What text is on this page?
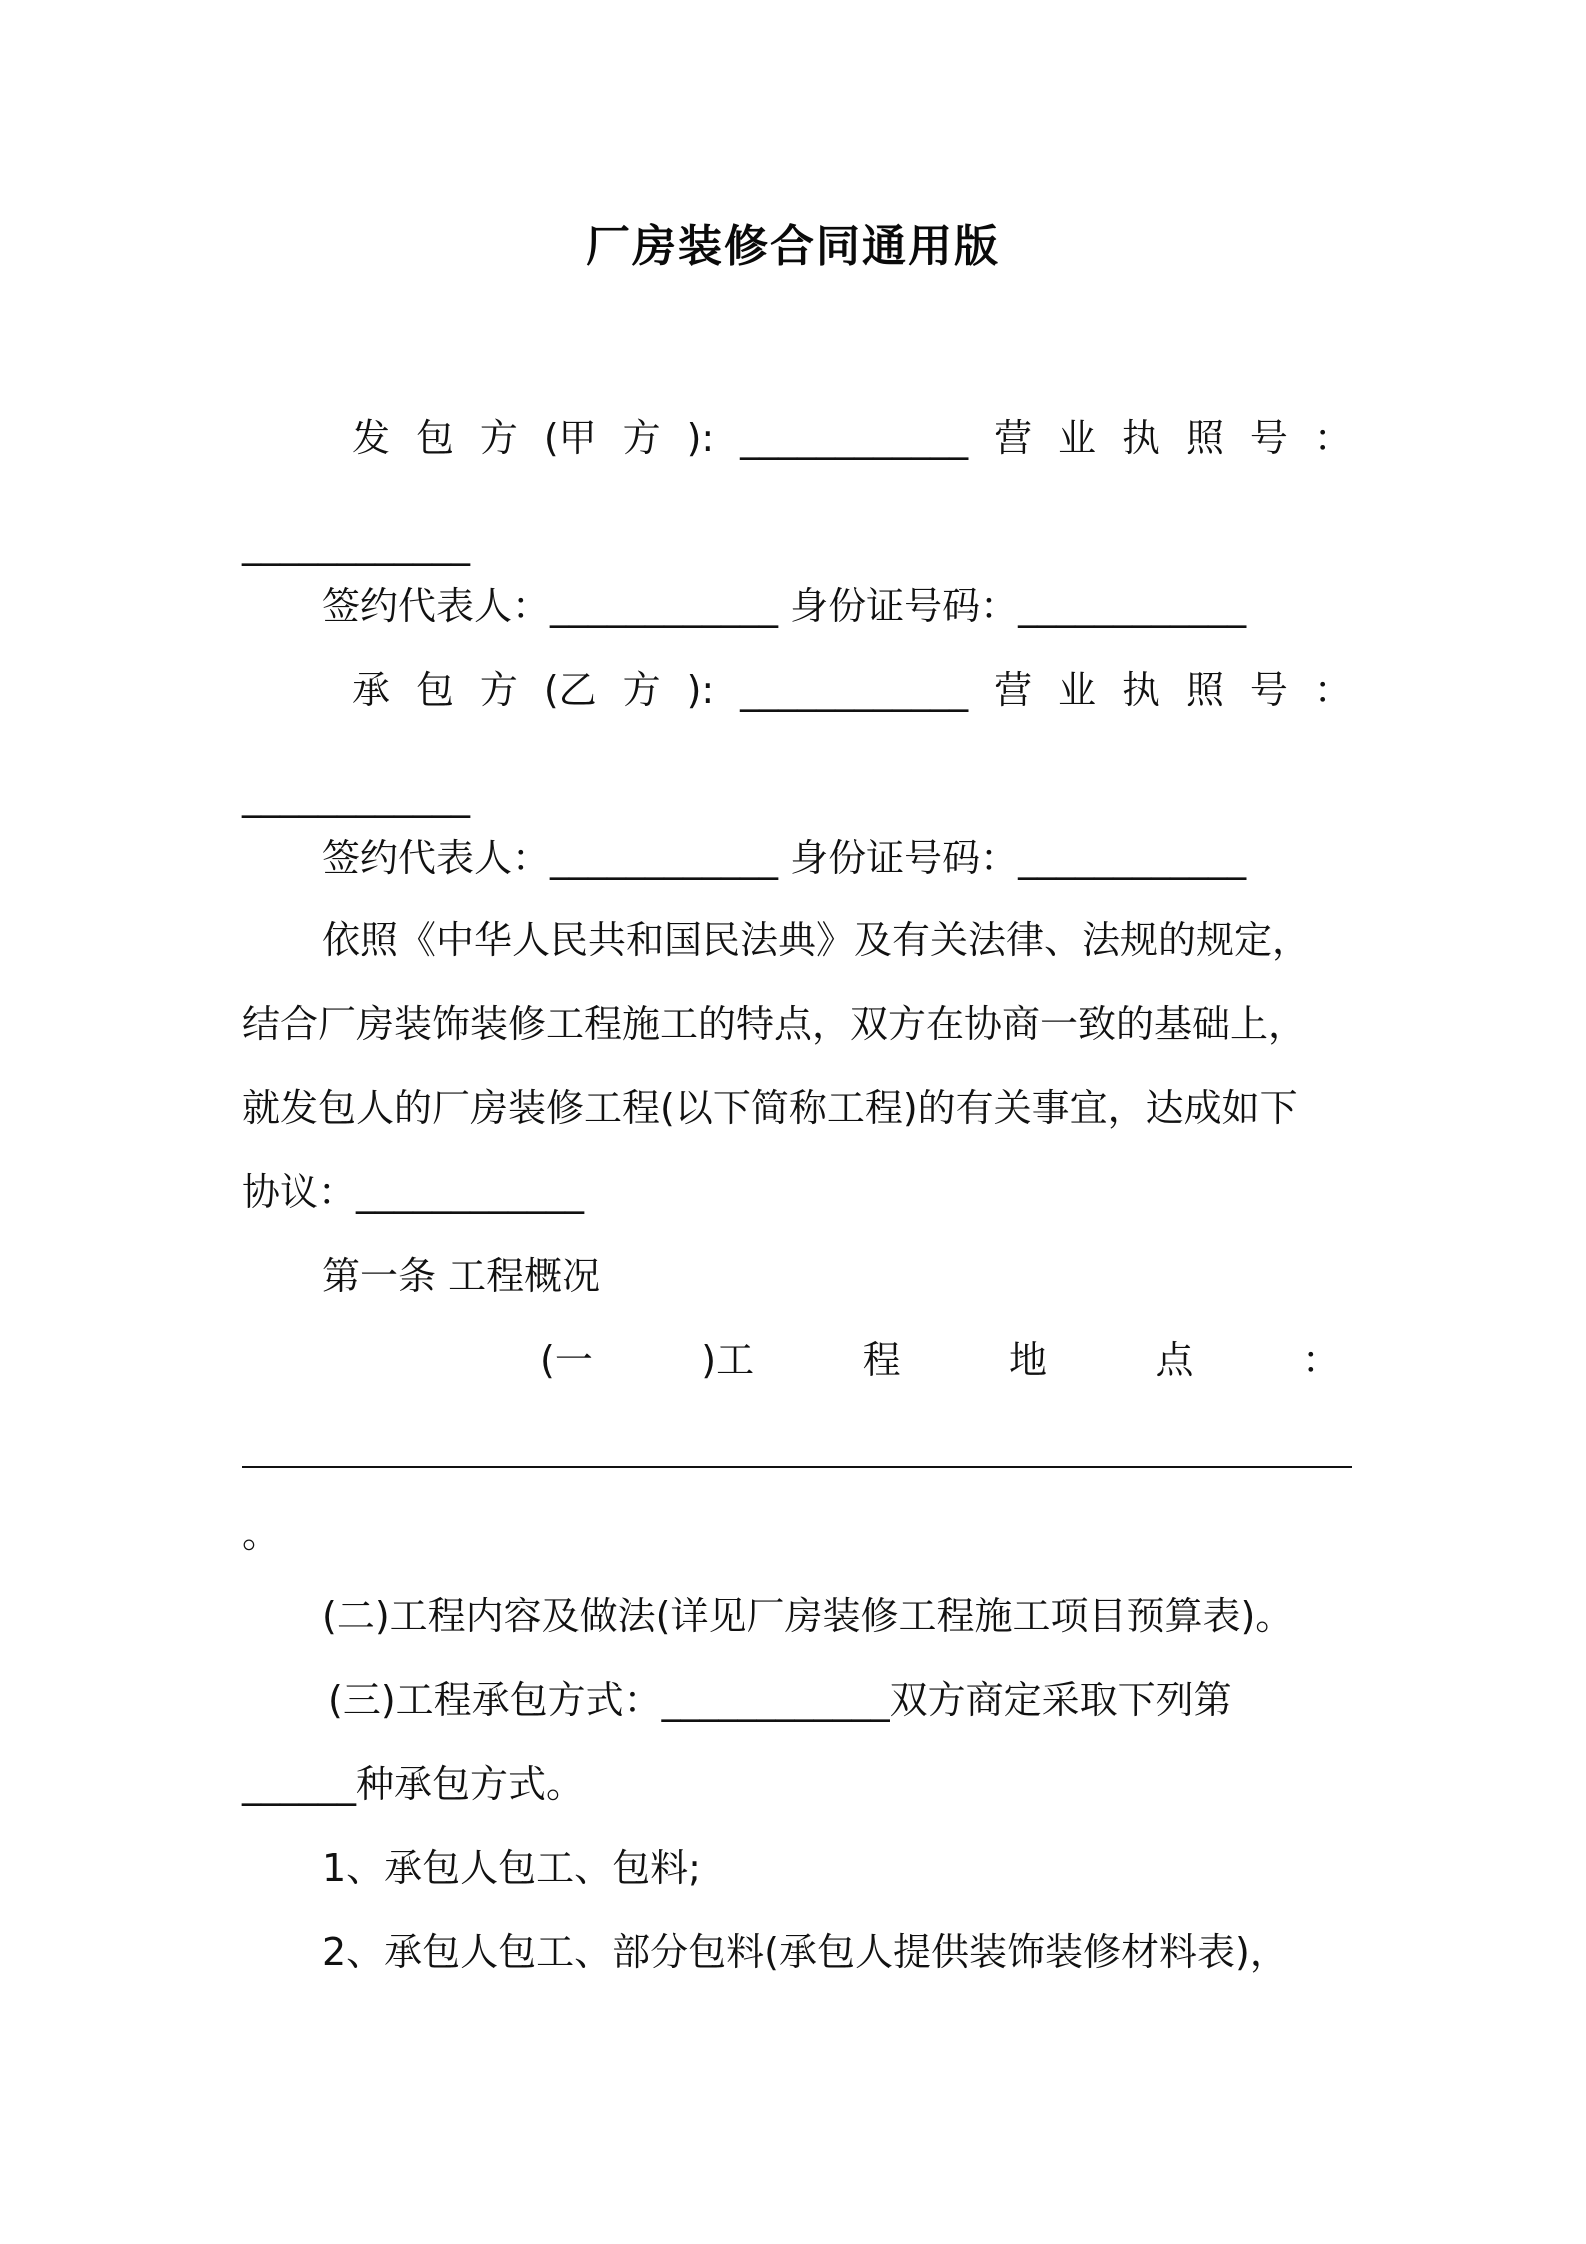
厂房装修合同通用版
发 包 方 (甲 方 ): ____________ 营 业 执 照 号 ：
____________
签约代表人：____________ 身份证号码：____________
承 包 方 (乙 方 ): ____________ 营 业 执 照 号 ：
____________
签约代表人：____________ 身份证号码：____________
依照《中华人民共和国民法典》及有关法律、法规的规定，
结合厂房装饰装修工程施工的特点，双方在协商一致的基础上，
就发包人的厂房装修工程(以下简称工程)的有关事宜，达成如下
协议：____________
第一条 工程概况
(一	)工	程	地	点	：
。
(二)工程内容及做法(详见厂房装修工程施工项目预算表)。
(三)工程承包方式：____________双方商定采取下列第
______种承包方式。
1、承包人包工、包料;
2、承包人包工、部分包料(承包人提供装饰装修材料表)，
